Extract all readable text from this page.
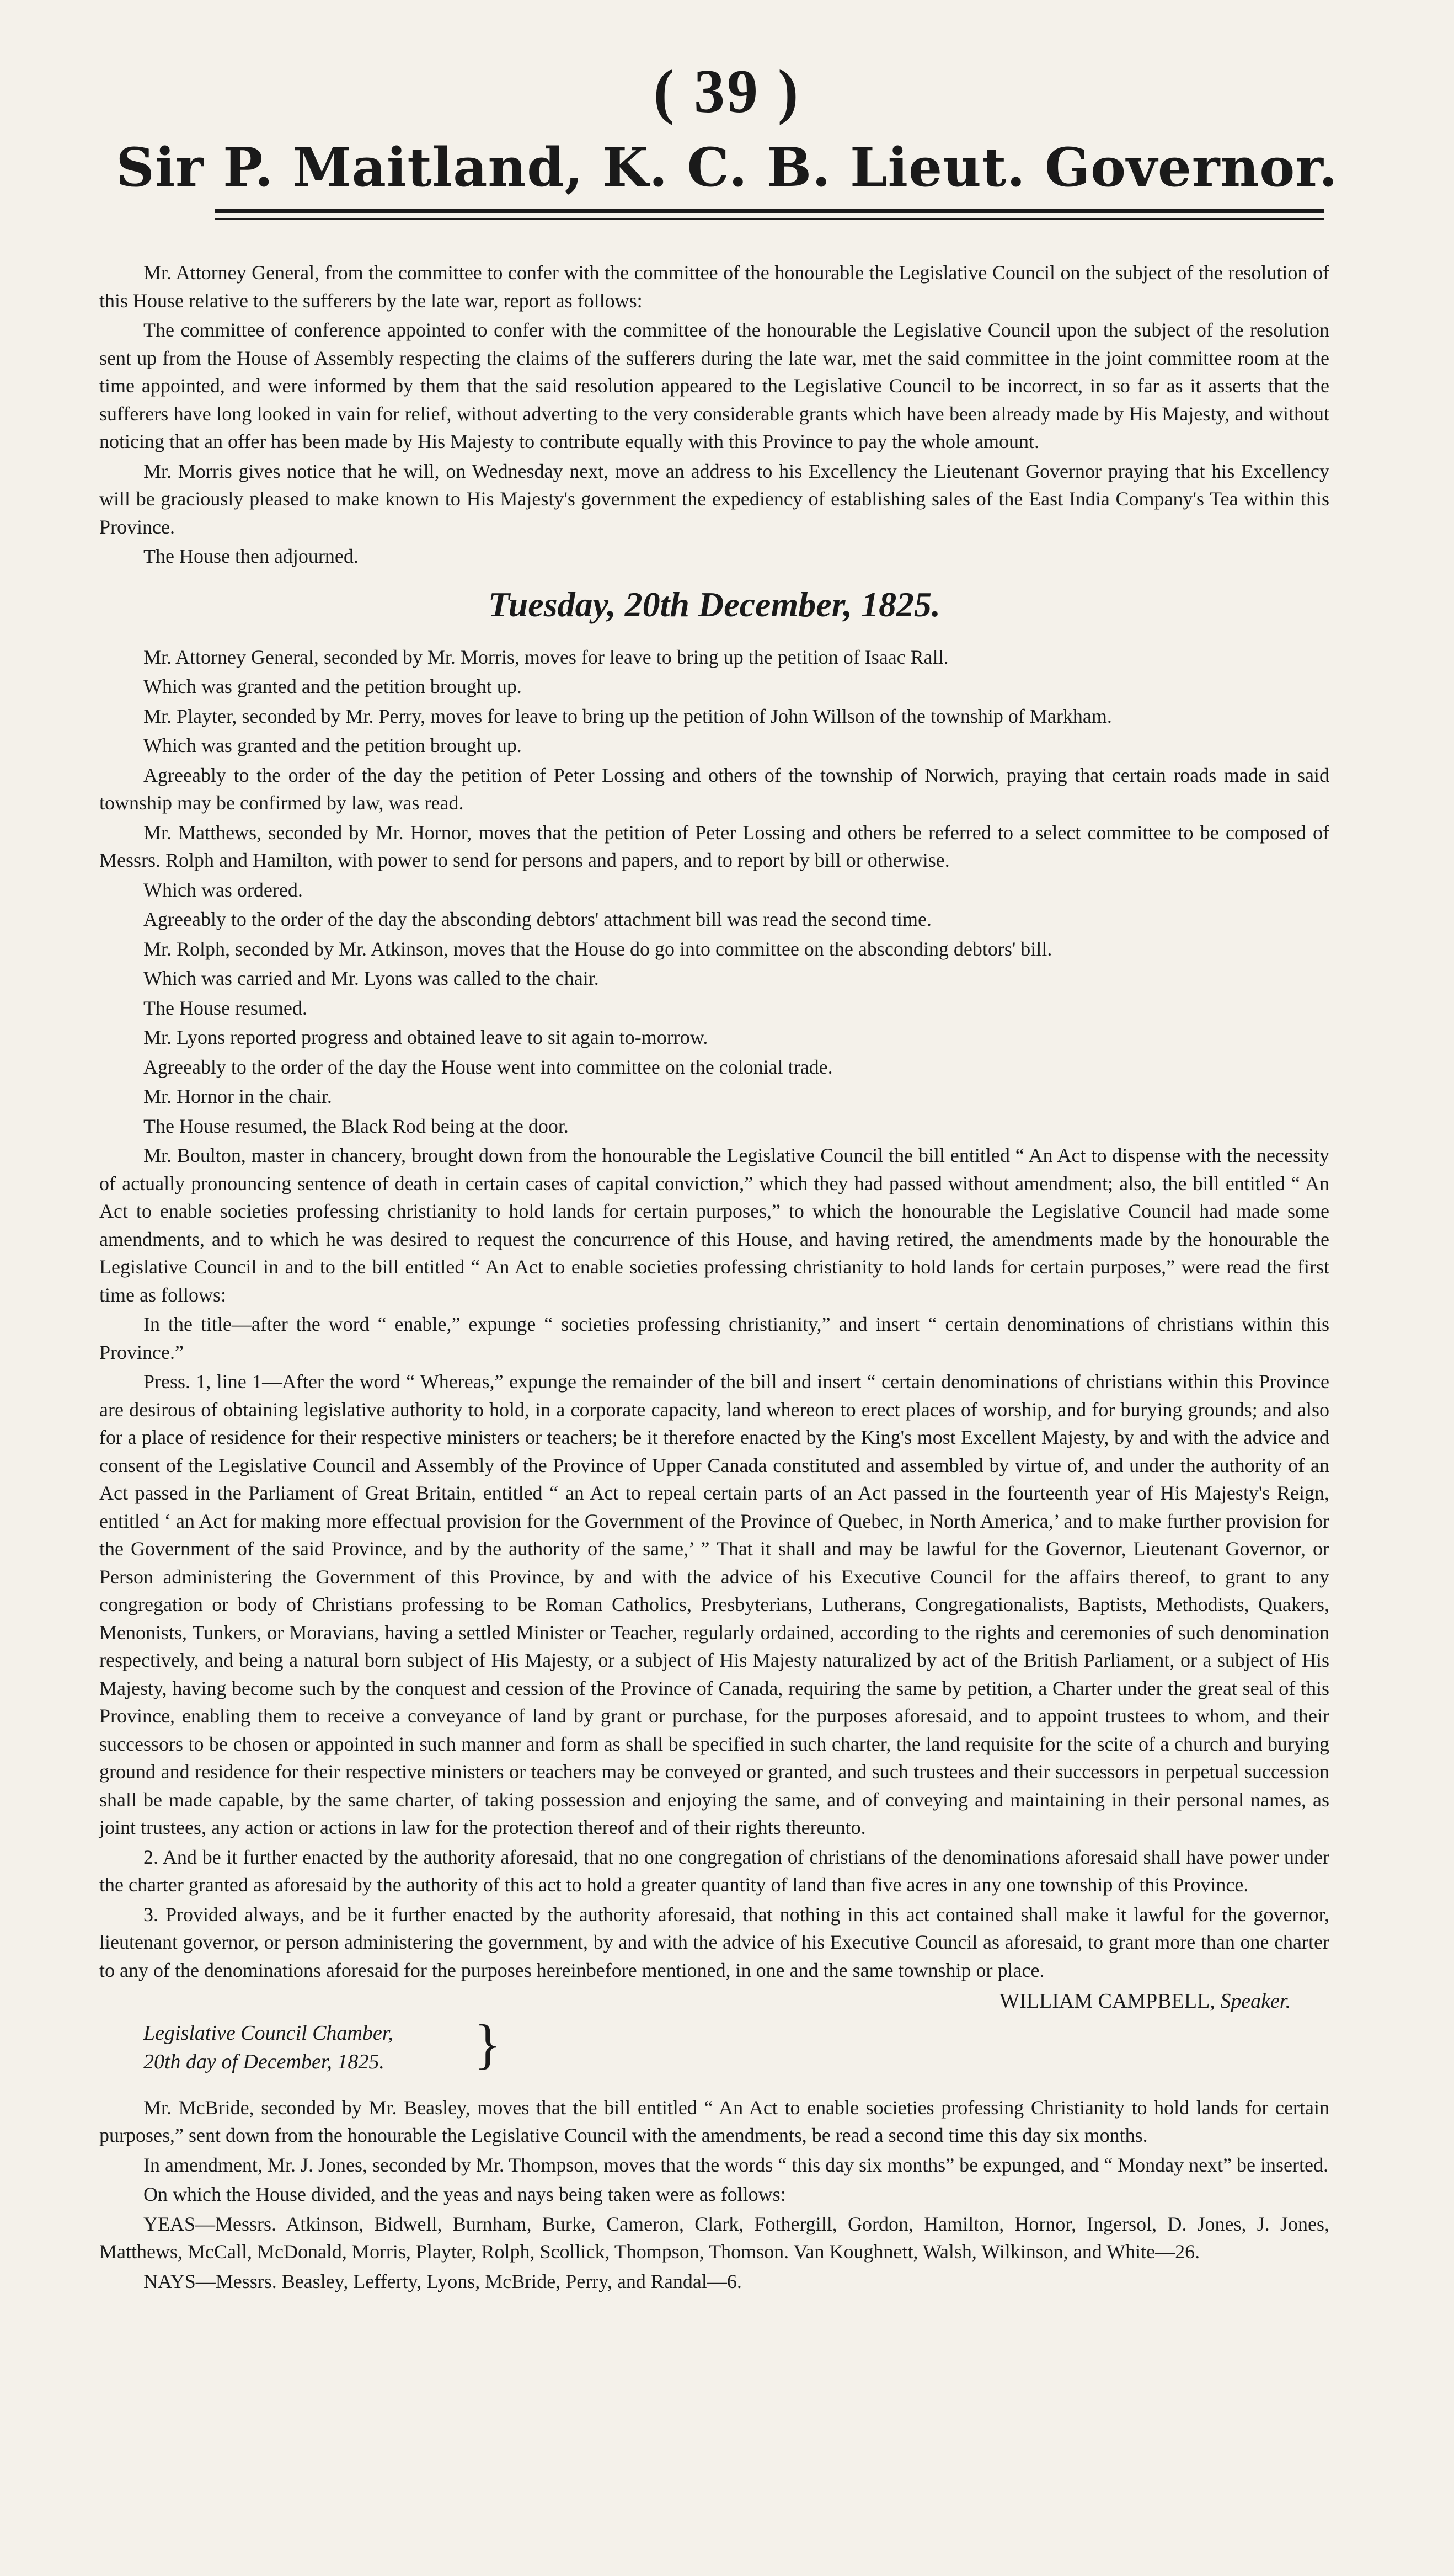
( 39 )
Sir P. Maitland, K. C. B. Lieut. Governor.

Mr. Attorney General, from the committee to confer with the committee of the honourable the Legislative Council on the subject of the resolution of this House relative to the sufferers by the late war, report as follows:

The committee of conference appointed to confer with the committee of the honourable the Legislative Council upon the subject of the resolution sent up from the House of Assembly respecting the claims of the sufferers during the late war, met the said committee in the joint committee room at the time appointed, and were informed by them that the said resolution appeared to the Legislative Council to be incorrect, in so far as it asserts that the sufferers have long looked in vain for relief, without adverting to the very considerable grants which have been already made by His Majesty, and without noticing that an offer has been made by His Majesty to contribute equally with this Province to pay the whole amount.

Mr. Morris gives notice that he will, on Wednesday next, move an address to his Excellency the Lieutenant Governor praying that his Excellency will be graciously pleased to make known to His Majesty's government the expediency of establishing sales of the East India Company's Tea within this Province.

The House then adjourned.

Tuesday, 20th December, 1825.

Mr. Attorney General, seconded by Mr. Morris, moves for leave to bring up the petition of Isaac Rall.

Which was granted and the petition brought up.

Mr. Playter, seconded by Mr. Perry, moves for leave to bring up the petition of John Willson of the township of Markham.

Which was granted and the petition brought up.

Agreeably to the order of the day the petition of Peter Lossing and others of the township of Norwich, praying that certain roads made in said township may be confirmed by law, was read.

Mr. Matthews, seconded by Mr. Hornor, moves that the petition of Peter Lossing and others be referred to a select committee to be composed of Messrs. Rolph and Hamilton, with power to send for persons and papers, and to report by bill or otherwise.

Which was ordered.

Agreeably to the order of the day the absconding debtors' attachment bill was read the second time.

Mr. Rolph, seconded by Mr. Atkinson, moves that the House do go into committee on the absconding debtors' bill.

Which was carried and Mr. Lyons was called to the chair.

The House resumed.

Mr. Lyons reported progress and obtained leave to sit again to-morrow.

Agreeably to the order of the day the House went into committee on the colonial trade.

Mr. Hornor in the chair.

The House resumed, the Black Rod being at the door.

Mr. Boulton, master in chancery, brought down from the honourable the Legislative Council the bill entitled “ An Act to dispense with the necessity of actually pronouncing sentence of death in certain cases of capital conviction,” which they had passed without amendment; also, the bill entitled “ An Act to enable societies professing christianity to hold lands for certain purposes,” to which the honourable the Legislative Council had made some amendments, and to which he was desired to request the concurrence of this House, and having retired, the amendments made by the honourable the Legislative Council in and to the bill entitled “ An Act to enable societies professing christianity to hold lands for certain purposes,” were read the first time as follows:

In the title—after the word “ enable,” expunge “ societies professing christianity,” and insert “ certain denominations of christians within this Province.”

Press. 1, line 1—After the word “ Whereas,” expunge the remainder of the bill and insert “ certain denominations of christians within this Province are desirous of obtaining legislative authority to hold, in a corporate capacity, land whereon to erect places of worship, and for burying grounds; and also for a place of residence for their respective ministers or teachers; be it therefore enacted by the King's most Excellent Majesty, by and with the advice and consent of the Legislative Council and Assembly of the Province of Upper Canada constituted and assembled by virtue of, and under the authority of an Act passed in the Parliament of Great Britain, entitled “ an Act to repeal certain parts of an Act passed in the fourteenth year of His Majesty's Reign, entitled ‘ an Act for making more effectual provision for the Government of the Province of Quebec, in North America,’ and to make further provision for the Government of the said Province, and by the authority of the same,’ ” That it shall and may be lawful for the Governor, Lieutenant Governor, or Person administering the Government of this Province, by and with the advice of his Executive Council for the affairs thereof, to grant to any congregation or body of Christians professing to be Roman Catholics, Presbyterians, Lutherans, Congregationalists, Baptists, Methodists, Quakers, Menonists, Tunkers, or Moravians, having a settled Minister or Teacher, regularly ordained, according to the rights and ceremonies of such denomination respectively, and being a natural born subject of His Majesty, or a subject of His Majesty naturalized by act of the British Parliament, or a subject of His Majesty, having become such by the conquest and cession of the Province of Canada, requiring the same by petition, a Charter under the great seal of this Province, enabling them to receive a conveyance of land by grant or purchase, for the purposes aforesaid, and to appoint trustees to whom, and their successors to be chosen or appointed in such manner and form as shall be specified in such charter, the land requisite for the scite of a church and burying ground and residence for their respective ministers or teachers may be conveyed or granted, and such trustees and their successors in perpetual succession shall be made capable, by the same charter, of taking possession and enjoying the same, and of conveying and maintaining in their personal names, as joint trustees, any action or actions in law for the protection thereof and of their rights thereunto.

2. And be it further enacted by the authority aforesaid, that no one congregation of christians of the denominations aforesaid shall have power under the charter granted as aforesaid by the authority of this act to hold a greater quantity of land than five acres in any one township of this Province.

3. Provided always, and be it further enacted by the authority aforesaid, that nothing in this act contained shall make it lawful for the governor, lieutenant governor, or person administering the government, by and with the advice of his Executive Council as aforesaid, to grant more than one charter to any of the denominations aforesaid for the purposes hereinbefore mentioned, in one and the same township or place.

WILLIAM CAMPBELL, Speaker.
Legislative Council Chamber,
20th day of December, 1825.	}

Mr. McBride, seconded by Mr. Beasley, moves that the bill entitled “ An Act to enable societies professing Christianity to hold lands for certain purposes,” sent down from the honourable the Legislative Council with the amendments, be read a second time this day six months.

In amendment, Mr. J. Jones, seconded by Mr. Thompson, moves that the words “ this day six months” be expunged, and “ Monday next” be inserted.

On which the House divided, and the yeas and nays being taken were as follows:

YEAS—Messrs. Atkinson, Bidwell, Burnham, Burke, Cameron, Clark, Fothergill, Gordon, Hamilton, Hornor, Ingersol, D. Jones, J. Jones, Matthews, McCall, McDonald, Morris, Playter, Rolph, Scollick, Thompson, Thomson. Van Koughnett, Walsh, Wilkinson, and White—26.

NAYS—Messrs. Beasley, Lefferty, Lyons, McBride, Perry, and Randal—6.
